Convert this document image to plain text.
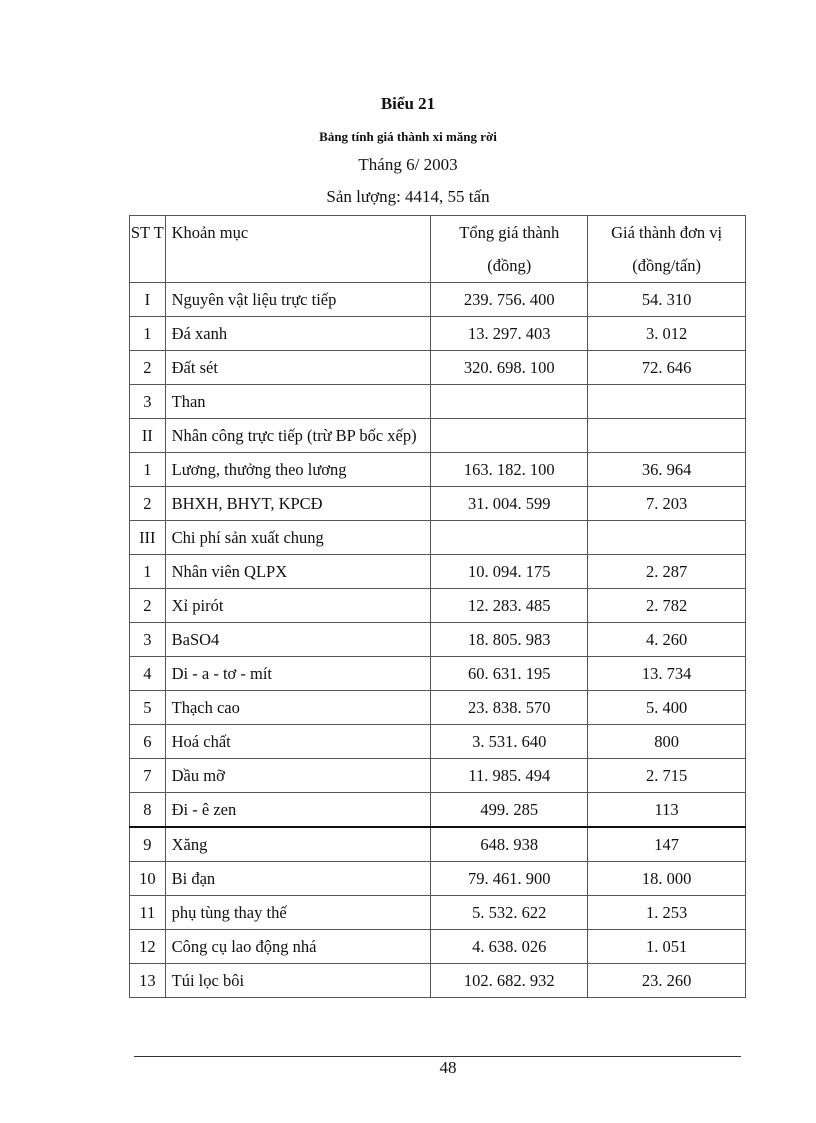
Biểu 21
Bảng tính giá thành xi măng rời
Tháng 6/ 2003
Sản lượng: 4414, 55 tấn
ST T	Khoản mục	Tổng giá thành (đồng)	Giá thành đơn vị (đồng/tấn)
I	Nguyên vật liệu trực tiếp	239. 756. 400	54. 310
1	Đá xanh	13. 297. 403	3. 012
2	Đất sét	320. 698. 100	72. 646
3	Than		
II	Nhân công trực tiếp (trừ BP bốc xếp)		
1	Lương, thưởng theo lương	163. 182. 100	36. 964
2	BHXH, BHYT, KPCĐ	31. 004. 599	7. 203
III	Chi phí sản xuất chung		
1	Nhân viên QLPX	10. 094. 175	2. 287
2	Xỉ pirót	12. 283. 485	2. 782
3	BaSO4	18. 805. 983	4. 260
4	Di - a - tơ - mít	60. 631. 195	13. 734
5	Thạch cao	23. 838. 570	5. 400
6	Hoá chất	3. 531. 640	800
7	Dầu mỡ	11. 985. 494	2. 715
8	Đi - ê zen	499. 285	113
9	Xăng	648. 938	147
10	Bi đạn	79. 461. 900	18. 000
11	phụ tùng thay thế	5. 532. 622	1. 253
12	Công cụ lao động nhá	4. 638. 026	1. 051
13	Túi lọc bôi	102. 682. 932	23. 260
48
